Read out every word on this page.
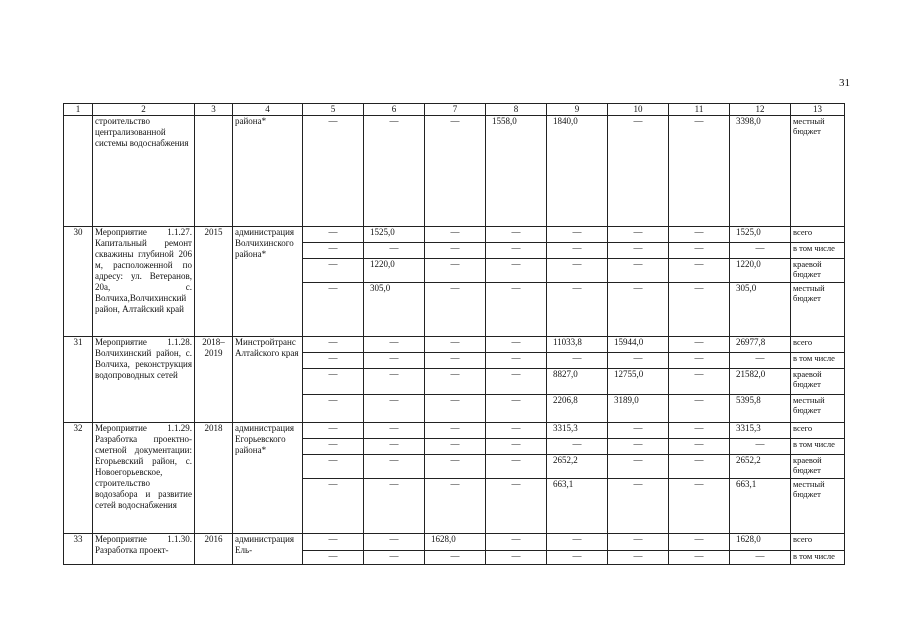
31
1	2	3	4	5	6	7	8	9	10	11	12	13
	строительство централизованной системы водоснабжения		района*	—	—	—	1558,0	1840,0	—	—	3398,0	местный бюджет
30	Мероприятие 1.1.27. Капитальный ремонт скважины глубиной 206 м, расположенной по адресу: ул. Ветеранов, 20а, с. Волчиха,Волчихинский район, Алтайский край	2015	администрация Волчихинского района*	—	1525,0	—	—	—	—	—	1525,0	всего
				—	—	—	—	—	—	—	—	в том числе
				—	1220,0	—	—	—	—	—	1220,0	краевой бюджет
				—	305,0	—	—	—	—	—	305,0	местный бюджет
31	Мероприятие 1.1.28. Волчихинский район, с. Волчиха, реконструкция водопроводных сетей	2018–2019	Минстройтранс Алтайского края	—	—	—	—	11033,8	15944,0	—	26977,8	всего
				—	—	—	—	—	—	—	—	в том числе
				—	—	—	—	8827,0	12755,0	—	21582,0	краевой бюджет
				—	—	—	—	2206,8	3189,0	—	5395,8	местный бюджет
32	Мероприятие 1.1.29. Разработка проектно-сметной документации: Егорьевский район, с. Новоегорьевское, строительство водозабора и развитие сетей водоснабжения	2018	администрация Егорьевского района*	—	—	—	—	3315,3	—	—	3315,3	всего
				—	—	—	—	—	—	—	—	в том числе
				—	—	—	—	2652,2	—	—	2652,2	краевой бюджет
				—	—	—	—	663,1	—	—	663,1	местный бюджет
33	Мероприятие 1.1.30. Разработка проект-	2016	администрация Ель-	—	—	1628,0	—	—	—	—	1628,0	всего
				—	—	—	—	—	—	—	—	в том числе
